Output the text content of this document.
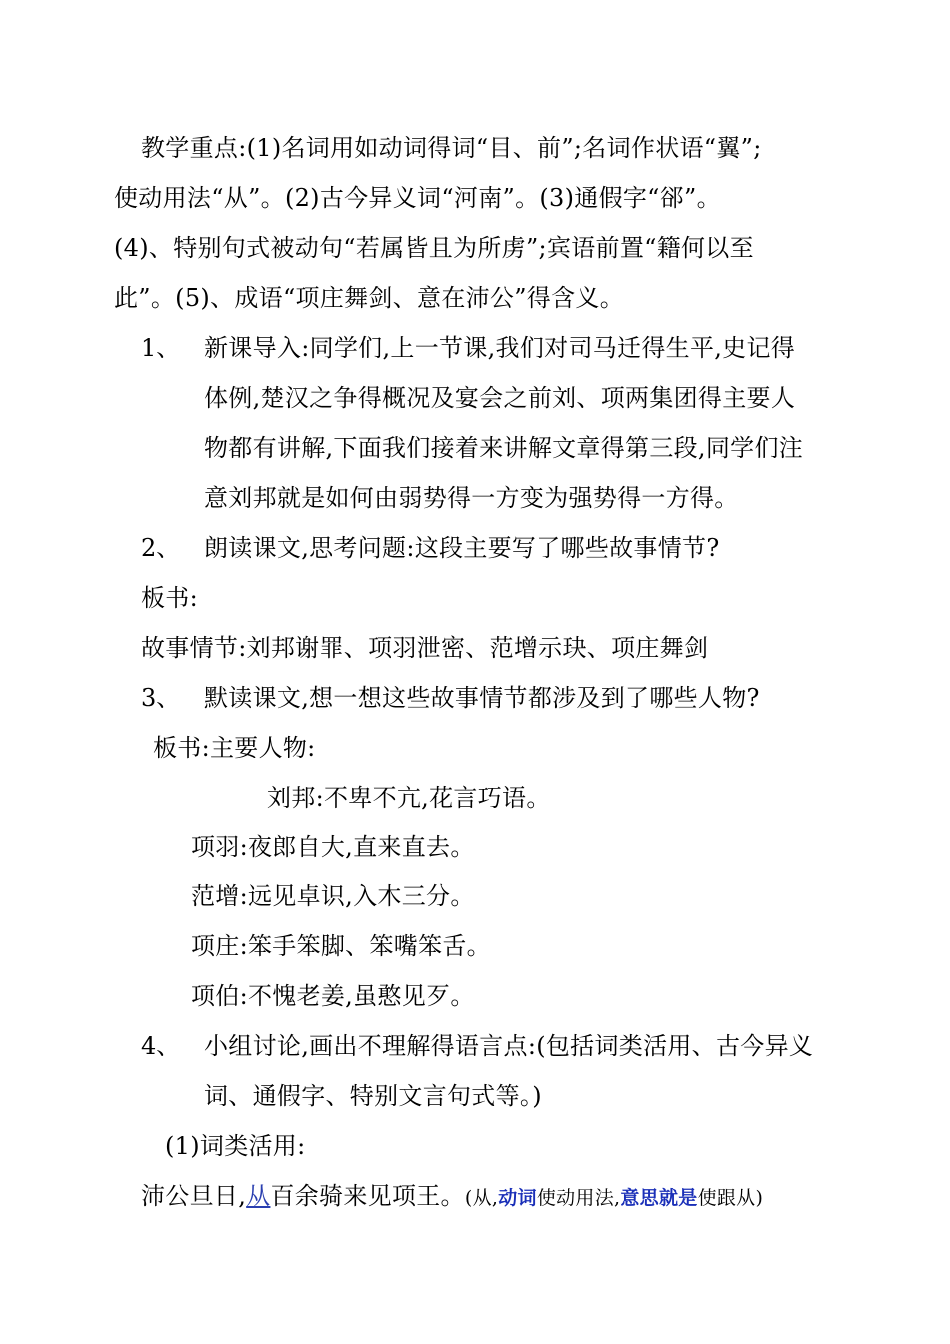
教学重点:(1)名词用如动词得词“目、前”;名词作状语“翼”;
使动用法“从”。(2)古今异义词“河南”。(3)通假字“郤”。
(4)、特别句式被动句“若属皆且为所虏”;宾语前置“籍何以至
此”。(5)、成语“项庄舞剑、意在沛公”得含义。
1、 新课导入:同学们,上一节课,我们对司马迁得生平,史记得
体例,楚汉之争得概况及宴会之前刘、项两集团得主要人
物都有讲解,下面我们接着来讲解文章得第三段,同学们注
意刘邦就是如何由弱势得一方变为强势得一方得。
2、 朗读课文,思考问题:这段主要写了哪些故事情节?
板书:
故事情节:刘邦谢罪、项羽泄密、范增示玦、项庄舞剑
3、 默读课文,想一想这些故事情节都涉及到了哪些人物?
板书:主要人物:
刘邦:不卑不亢,花言巧语。
项羽:夜郎自大,直来直去。
范增:远见卓识,入木三分。
项庄:笨手笨脚、笨嘴笨舌。
项伯:不愧老姜,虽憨见歹。
4、 小组讨论,画出不理解得语言点:(包括词类活用、古今异义
词、通假字、特别文言句式等。)
(1)词类活用:
沛公旦日,从百余骑来见项王。(从,动词使动用法,意思就是使跟从)
